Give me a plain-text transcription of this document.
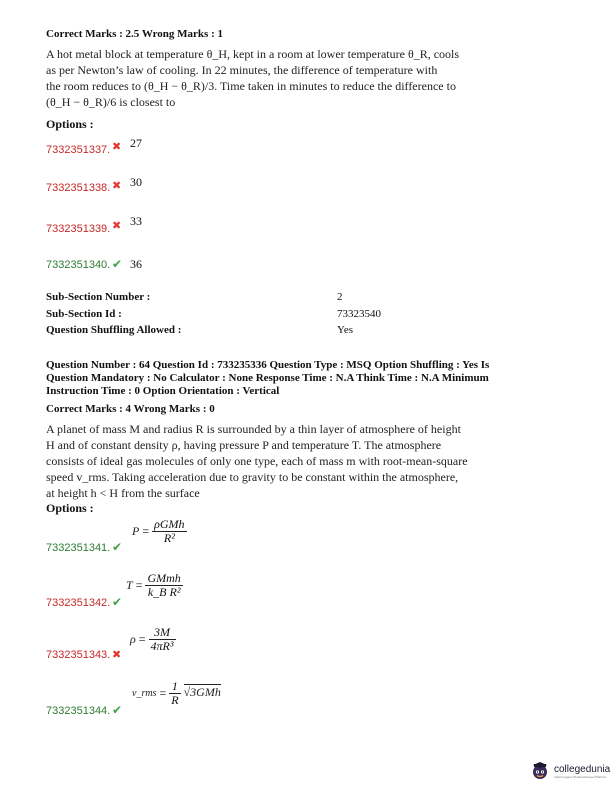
Correct Marks : 2.5 Wrong Marks : 1
A hot metal block at temperature θ_H, kept in a room at lower temperature θ_R, cools
as per Newton’s law of cooling. In 22 minutes, the difference of temperature with
the room reduces to (θ_H − θ_R)/3. Time taken in minutes to reduce the difference to
(θ_H − θ_R)/6 is closest to
Options :
7332351337. ✖ 27
7332351338. ✖ 30
7332351339. ✖ 33
7332351340. ✔ 36
Sub-Section Number :	2
Sub-Section Id :	73323540
Question Shuffling Allowed :	Yes
Question Number : 64 Question Id : 733235336 Question Type : MSQ Option Shuffling : Yes Is
Question Mandatory : No Calculator : None Response Time : N.A Think Time : N.A Minimum
Instruction Time : 0 Option Orientation : Vertical
Correct Marks : 4 Wrong Marks : 0
A planet of mass M and radius R is surrounded by a thin layer of atmosphere of height
H and of constant density ρ, having pressure P and temperature T. The atmosphere
consists of ideal gas molecules of only one type, each of mass m with root-mean-square
speed v_rms. Taking acceleration due to gravity to be constant within the atmosphere,
at height h < H from the surface
Options :
7332351341. ✔
$P = \frac{\text{ρGMh}}{\text{R²}}$
7332351342. ✔
$T = \frac{\text{GMmh}}{\text{k\_B R²}}$
7332351343. ✖
$\rho = \frac{3M}{\text{4πR³}}$
7332351344. ✔
v_rms = $\frac{1}{R} √3GMh$
collegedunia
India's largest Student Review Platform
